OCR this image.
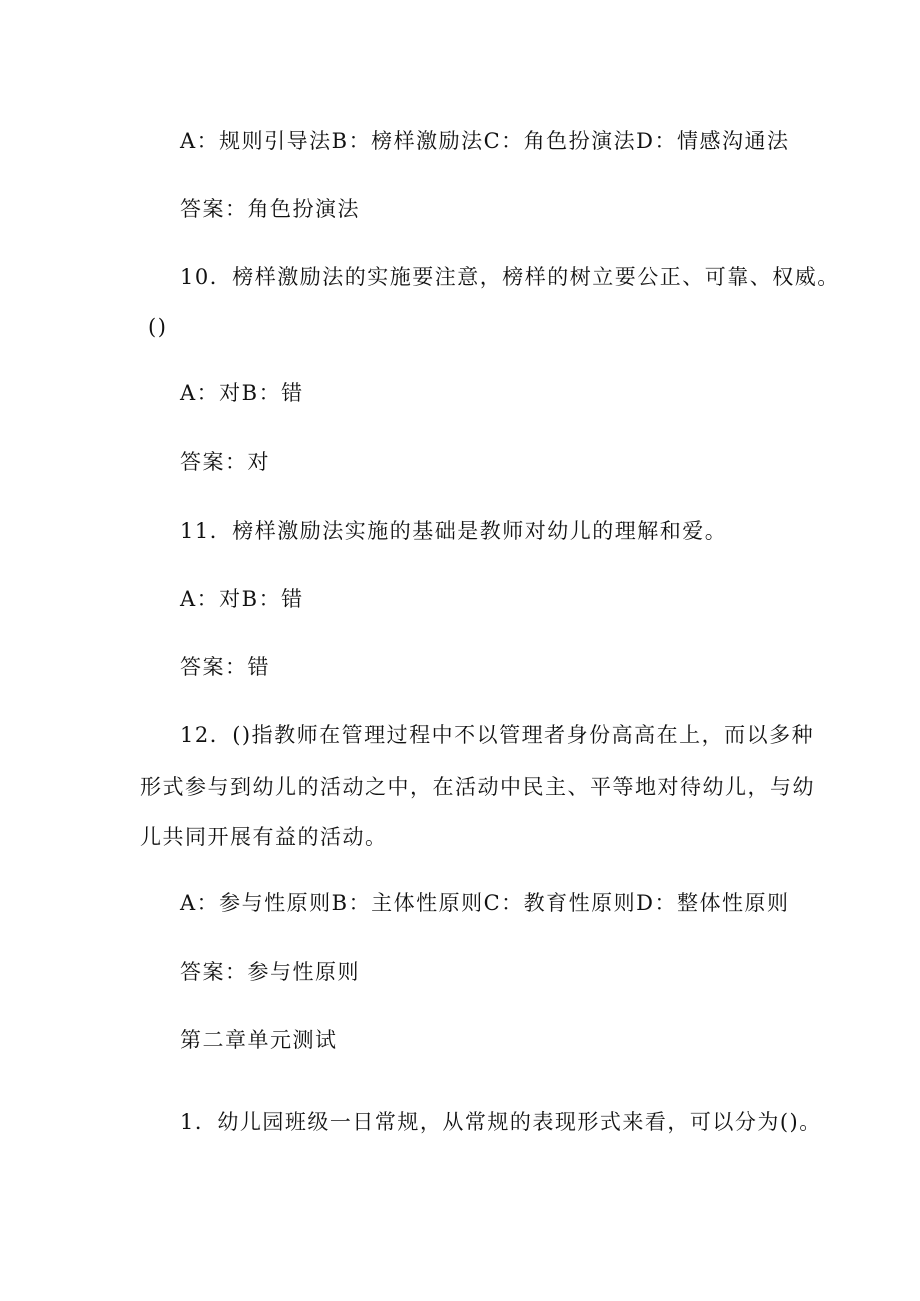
A：规则引导法B：榜样激励法C：角色扮演法D：情感沟通法
答案：角色扮演法
10．榜样激励法的实施要注意，榜样的树立要公正、可靠、权威。
()
A：对B：错
答案：对
11．榜样激励法实施的基础是教师对幼儿的理解和爱。
A：对B：错
答案：错
12．()指教师在管理过程中不以管理者身份高高在上，而以多种
形式参与到幼儿的活动之中，在活动中民主、平等地对待幼儿，与幼
儿共同开展有益的活动。
A：参与性原则B：主体性原则C：教育性原则D：整体性原则
答案：参与性原则
第二章单元测试
1．幼儿园班级一日常规，从常规的表现形式来看，可以分为()。
